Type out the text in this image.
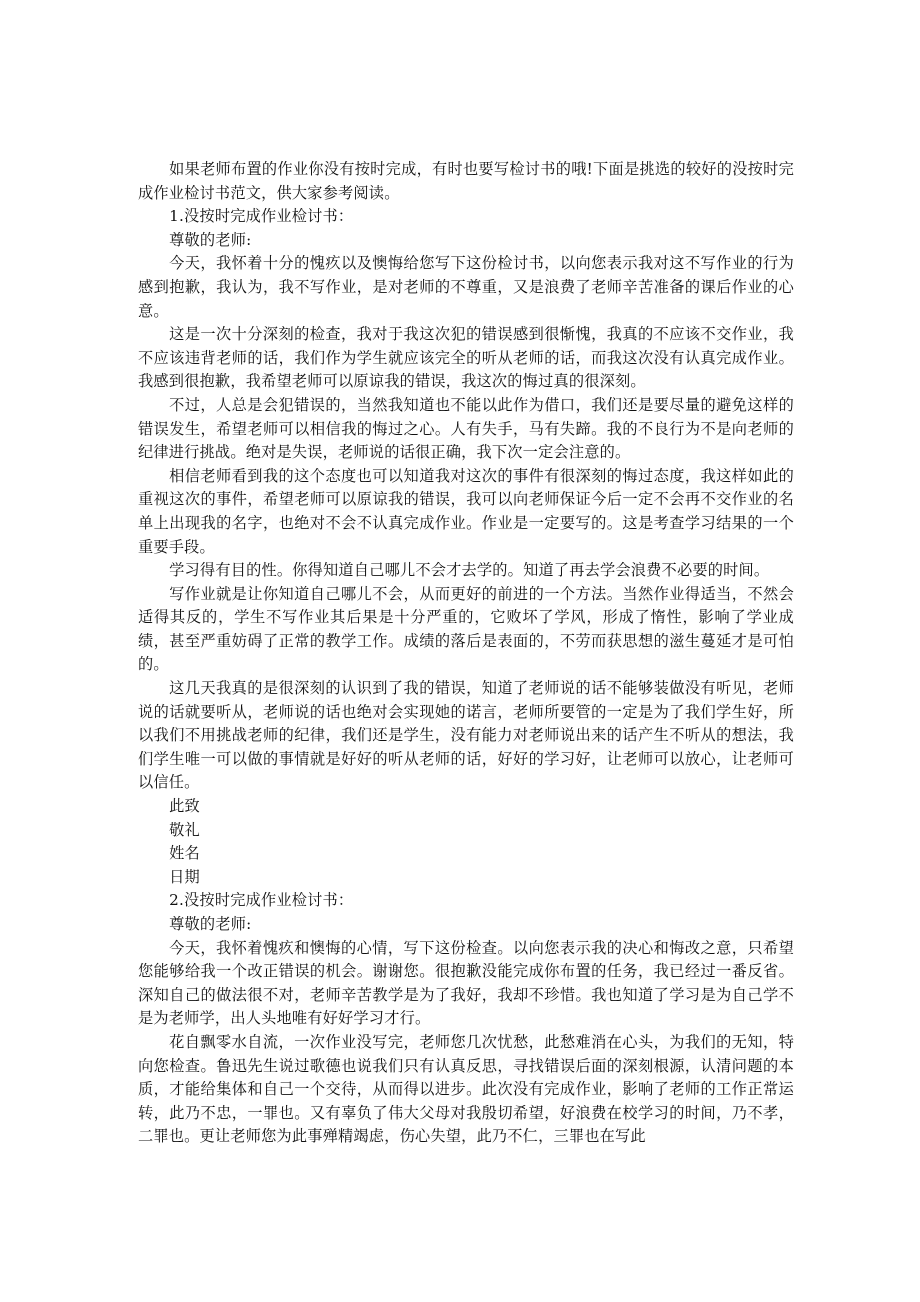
如果老师布置的作业你没有按时完成，有时也要写检讨书的哦!下面是挑选的较好的没按时完成作业检讨书范文，供大家参考阅读。

1.没按时完成作业检讨书：

尊敬的老师:

今天，我怀着十分的愧疚以及懊悔给您写下这份检讨书，以向您表示我对这不写作业的行为感到抱歉，我认为，我不写作业，是对老师的不尊重，又是浪费了老师辛苦准备的课后作业的心意。

这是一次十分深刻的检查，我对于我这次犯的错误感到很惭愧，我真的不应该不交作业，我不应该违背老师的话，我们作为学生就应该完全的听从老师的话，而我这次没有认真完成作业。我感到很抱歉，我希望老师可以原谅我的错误，我这次的悔过真的很深刻。

不过，人总是会犯错误的，当然我知道也不能以此作为借口，我们还是要尽量的避免这样的错误发生，希望老师可以相信我的悔过之心。人有失手，马有失蹄。我的不良行为不是向老师的纪律进行挑战。绝对是失误，老师说的话很正确，我下次一定会注意的。

相信老师看到我的这个态度也可以知道我对这次的事件有很深刻的悔过态度，我这样如此的重视这次的事件，希望老师可以原谅我的错误，我可以向老师保证今后一定不会再不交作业的名单上出现我的名字，也绝对不会不认真完成作业。作业是一定要写的。这是考查学习结果的一个重要手段。

学习得有目的性。你得知道自己哪儿不会才去学的。知道了再去学会浪费不必要的时间。

写作业就是让你知道自己哪儿不会，从而更好的前进的一个方法。当然作业得适当，不然会适得其反的，学生不写作业其后果是十分严重的，它败坏了学风，形成了惰性，影响了学业成绩，甚至严重妨碍了正常的教学工作。成绩的落后是表面的，不劳而获思想的滋生蔓延才是可怕的。

这几天我真的是很深刻的认识到了我的错误，知道了老师说的话不能够装做没有听见，老师说的话就要听从，老师说的话也绝对会实现她的诺言，老师所要管的一定是为了我们学生好，所以我们不用挑战老师的纪律，我们还是学生，没有能力对老师说出来的话产生不听从的想法，我们学生唯一可以做的事情就是好好的听从老师的话，好好的学习好，让老师可以放心，让老师可以信任。

此致

敬礼

姓名

日期

2.没按时完成作业检讨书：

尊敬的老师:

今天，我怀着愧疚和懊悔的心情，写下这份检查。以向您表示我的决心和悔改之意，只希望您能够给我一个改正错误的机会。谢谢您。很抱歉没能完成你布置的任务，我已经过一番反省。深知自己的做法很不对，老师辛苦教学是为了我好，我却不珍惜。我也知道了学习是为自己学不是为老师学，出人头地唯有好好学习才行。

花自飘零水自流，一次作业没写完，老师您几次忧愁，此愁难消在心头，为我们的无知，特向您检查。鲁迅先生说过歌德也说我们只有认真反思，寻找错误后面的深刻根源，认清问题的本质，才能给集体和自己一个交待，从而得以进步。此次没有完成作业，影响了老师的工作正常运转，此乃不忠，一罪也。又有辜负了伟大父母对我殷切希望，好浪费在校学习的时间，乃不孝，二罪也。更让老师您为此事殚精竭虑，伤心失望，此乃不仁，三罪也在写此
